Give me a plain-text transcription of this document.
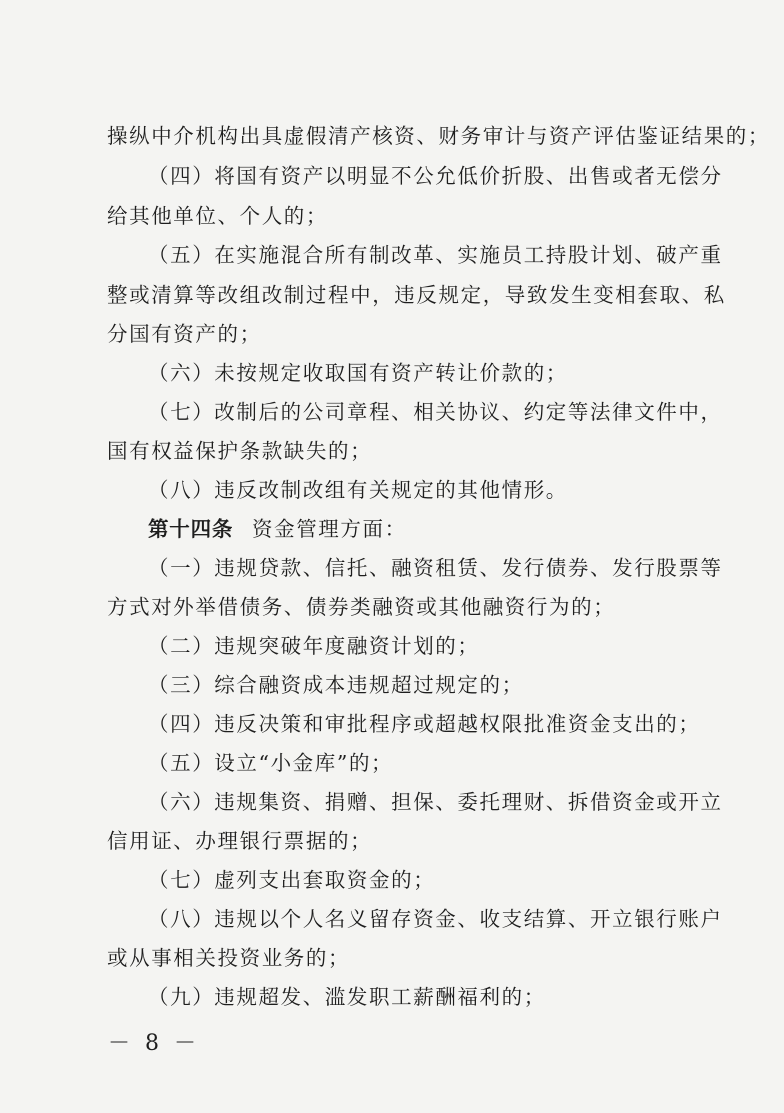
操纵中介机构出具虚假清产核资、财务审计与资产评估鉴证结果的；
（四）将国有资产以明显不公允低价折股、出售或者无偿分
给其他单位、个人的；
（五）在实施混合所有制改革、实施员工持股计划、破产重
整或清算等改组改制过程中，违反规定，导致发生变相套取、私
分国有资产的；
（六）未按规定收取国有资产转让价款的；
（七）改制后的公司章程、相关协议、约定等法律文件中，
国有权益保护条款缺失的；
（八）违反改制改组有关规定的其他情形。
第十四条 资金管理方面：
（一）违规贷款、信托、融资租赁、发行债券、发行股票等
方式对外举借债务、债券类融资或其他融资行为的；
（二）违规突破年度融资计划的；
（三）综合融资成本违规超过规定的；
（四）违反决策和审批程序或超越权限批准资金支出的；
（五）设立“小金库”的；
（六）违规集资、捐赠、担保、委托理财、拆借资金或开立
信用证、办理银行票据的；
（七）虚列支出套取资金的；
（八）违规以个人名义留存资金、收支结算、开立银行账户
或从事相关投资业务的；
（九）违规超发、滥发职工薪酬福利的；
－ 8 －
